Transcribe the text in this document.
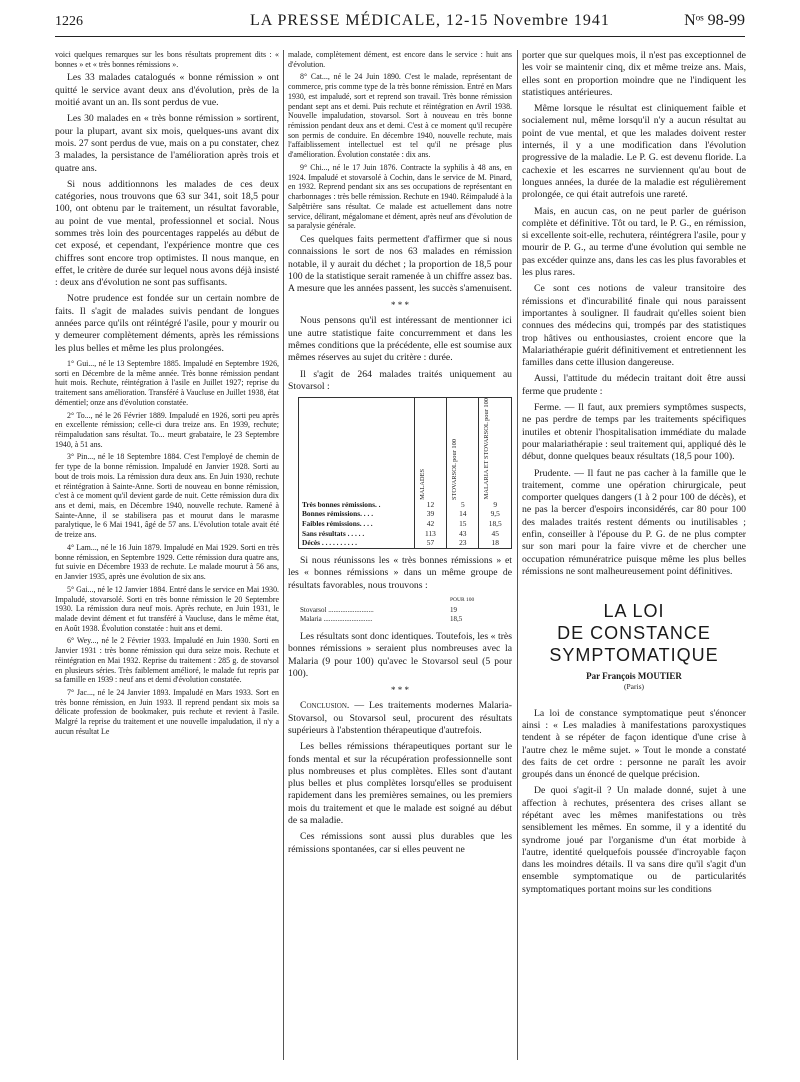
1226	LA PRESSE MÉDICALE, 12-15 Novembre 1941	Nᵒˢ 98-99

voici quelques remarques sur les bons résultats proprement dits : « bonnes » et « très bonnes rémissions ».

Les 33 malades catalogués « bonne rémission » ont quitté le service avant deux ans d'évolution, près de la moitié avant un an. Ils sont perdus de vue.

Les 30 malades en « très bonne rémission » sortirent, pour la plupart, avant six mois, quelques-uns avant dix mois. 27 sont perdus de vue, mais on a pu constater, chez 3 malades, la persistance de l'amélioration après trois et quatre ans.

Si nous additionnons les malades de ces deux catégories, nous trouvons que 63 sur 341, soit 18,5 pour 100, ont obtenu par le traitement, un résultat favorable, au point de vue mental, professionnel et social. Nous sommes très loin des pourcentages rappelés au début de cet exposé, et cependant, l'expérience montre que ces chiffres sont encore trop optimistes. Il nous manque, en effet, le critère de durée sur lequel nous avons déjà insisté : deux ans d'évolution ne sont pas suffisants.

Notre prudence est fondée sur un certain nombre de faits. Il s'agit de malades suivis pendant de longues années parce qu'ils ont réintégré l'asile, pour y mourir ou y demeurer complètement déments, après les rémissions les plus belles et même les plus prolongées.

1° Gui..., né le 13 Septembre 1885. Impaludé en Septembre 1926, sorti en Décembre de la même année. Très bonne rémission pendant huit mois. Rechute, réintégration à l'asile en Juillet 1927; reprise du traitement sans amélioration. Transféré à Vaucluse en Juillet 1938, état démentiel; onze ans d'évolution constatée.

2° To..., né le 26 Février 1889. Impaludé en 1926, sorti peu après en excellente rémission; celle-ci dura treize ans. En 1939, rechute; réimpaludation sans résultat. To... meurt grabataire, le 23 Septembre 1940, à 51 ans.

3° Pin..., né le 18 Septembre 1884. C'est l'employé de chemin de fer type de la bonne rémission. Impaludé en Janvier 1928. Sorti au bout de trois mois. La rémission dura deux ans. En Juin 1930, rechute et réintégration à Sainte-Anne. Sorti de nouveau en bonne rémission, c'est à ce moment qu'il devient garde de nuit. Cette rémission dura dix ans et demi, mais, en Décembre 1940, nouvelle rechute. Ramené à Sainte-Anne, il se stabilisera pas et mourut dans le marasme paralytique, le 6 Mai 1941, âgé de 57 ans. L'évolution totale avait été de treize ans.

4° Lam..., né le 16 Juin 1879. Impaludé en Mai 1929. Sorti en très bonne rémission, en Septembre 1929. Cette rémission dura quatre ans, fut suivie en Décembre 1933 de rechute. Le malade mourut à 56 ans, en Janvier 1935, après une évolution de six ans.

5° Gai..., né le 12 Janvier 1884. Entré dans le service en Mai 1930. Impaludé, stovarsolé. Sorti en très bonne rémission le 20 Septembre 1930. La rémission dura neuf mois. Après rechute, en Juin 1931, le malade devint dément et fut transféré à Vaucluse, dans le même état, en Août 1938. Évolution constatée : huit ans et demi.

6° Wey..., né le 2 Février 1933. Impaludé en Juin 1930. Sorti en Janvier 1931 : très bonne rémission qui dura seize mois. Rechute et réintégration en Mai 1932. Reprise du traitement : 285 g. de stovarsol en plusieurs séries. Très faiblement amélioré, le malade fut repris par sa famille en 1939 : neuf ans et demi d'évolution constatée.

7° Jac..., né le 24 Janvier 1893. Impaludé en Mars 1933. Sort en très bonne rémission, en Juin 1933. Il reprend pendant six mois sa délicate profession de bookmaker, puis rechute et revient à l'asile. Malgré la reprise du traitement et une nouvelle impaludation, il n'y a aucun résultat Le

malade, complètement dément, est encore dans le service : huit ans d'évolution.

8° Cat..., né le 24 Juin 1890. C'est le malade, représentant de commerce, pris comme type de la très bonne rémission. Entré en Mars 1930, est impaludé, sort et reprend son travail. Très bonne rémission pendant sept ans et demi. Puis rechute et réintégration en Avril 1938. Nouvelle impaludation, stovarsol. Sort à nouveau en très bonne rémission pendant deux ans et demi. C'est à ce moment qu'il recupère son permis de conduire. En décembre 1940, nouvelle rechute, mais l'affaiblissement intellectuel est tel qu'il ne présage plus d'amélioration. Évolution constatée : dix ans.

9° Chi..., né le 17 Juin 1876. Contracte la syphilis à 48 ans, en 1924. Impaludé et stovarsolé à Cochin, dans le service de M. Pinard, en 1932. Reprend pendant six ans ses occupations de représentant en charbonnages : très belle rémission. Rechute en 1940. Réimpaludé à la Salpêtrière sans résultat. Ce malade est actuellement dans notre service, délirant, mégalomane et dément, après neuf ans d'évolution de sa paralysie générale.

Ces quelques faits permettent d'affirmer que si nous connaissions le sort de nos 63 malades en rémission notable, il y aurait du déchet ; la proportion de 18,5 pour 100 de la statistique serait ramenée à un chiffre assez bas. A mesure que les années passent, les succès s'amenuisent.

* * *

Nous pensons qu'il est intéressant de mentionner ici une autre statistique faite concurremment et dans les mêmes conditions que la précédente, elle est soumise aux mêmes réserves au sujet du critère : durée.

Il s'agit de 264 malades traités uniquement au Stovarsol :

	MALADES	STOVARSOL pour 100	MALARIA ET STOVARSOL pour 100

Très bonnes rémissions. .	12	5	9
Bonnes rémissions. . . .	39	14	9,5
Faibles rémissions. . . .	42	15	18,5
Sans résultats . . . . .	113	43	45
Décès . . . . . . . . . .	57	23	18

Si nous réunissons les « très bonnes rémissions » et les « bonnes rémissions » dans un même groupe de résultats favorables, nous trouvons :

POUR 100
Stovarsol ..........................	19
Malaria ............................	18,5

Les résultats sont donc identiques. Toutefois, les « très bonnes rémissions » seraient plus nombreuses avec la Malaria (9 pour 100) qu'avec le Stovarsol seul (5 pour 100).

* * *

Conclusion. — Les traitements modernes Malaria-Stovarsol, ou Stovarsol seul, procurent des résultats supérieurs à l'abstention thérapeutique d'autrefois.

Les belles rémissions thérapeutiques portant sur le fonds mental et sur la récupération professionnelle sont plus nombreuses et plus complètes. Elles sont d'autant plus belles et plus complètes lorsqu'elles se produisent rapidement dans les premières semaines, ou les premiers mois du traitement et que le malade est soigné au début de sa maladie.

Ces rémissions sont aussi plus durables que les rémissions spontanées, car si elles peuvent ne

porter que sur quelques mois, il n'est pas exceptionnel de les voir se maintenir cinq, dix et même treize ans. Mais, elles sont en proportion moindre que ne l'indiquent les statistiques antérieures.

Même lorsque le résultat est cliniquement faible et socialement nul, même lorsqu'il n'y a aucun résultat au point de vue mental, et que les malades doivent rester internés, il y a une modification dans l'évolution progressive de la maladie. Le P. G. est devenu floride. La cachexie et les escarres ne surviennent qu'au bout de longues années, la durée de la maladie est régulièrement prolongée, ce qui était autrefois une rareté.

Mais, en aucun cas, on ne peut parler de guérison complète et définitive. Tôt ou tard, le P. G., en rémission, si excellente soit-elle, rechutera, réintégrera l'asile, pour y mourir de P. G., au terme d'une évolution qui semble ne pas excéder quinze ans, dans les cas les plus favorables et les plus rares.

Ce sont ces notions de valeur transitoire des rémissions et d'incurabilité finale qui nous paraissent importantes à souligner. Il faudrait qu'elles soient bien connues des médecins qui, trompés par des statistiques trop hâtives ou enthousiastes, croient encore que la Malariathérapie guérit définitivement et entretiennent les familles dans cette illusion dangereuse.

Aussi, l'attitude du médecin traitant doit être aussi ferme que prudente :

Ferme. — Il faut, aux premiers symptômes suspects, ne pas perdre de temps par les traitements spécifiques inutiles et obtenir l'hospitalisation immédiate du malade pour malariathérapie : seul traitement qui, appliqué dès le début, donne quelques beaux résultats (18,5 pour 100).

Prudente. — Il faut ne pas cacher à la famille que le traitement, comme une opération chirurgicale, peut comporter quelques dangers (1 à 2 pour 100 de décès), et ne pas la bercer d'espoirs inconsidérés, car 80 pour 100 des malades traités restent déments ou inutilisables ; enfin, conseiller à l'épouse du P. G. de ne plus compter sur son mari pour la faire vivre et de chercher une occupation rémunératrice puisque même les plus belles rémissions ne sont malheureusement point définitives.

LA LOI
DE CONSTANCE
SYMPTOMATIQUE
Par François MOUTIER
(Paris)

La loi de constance symptomatique peut s'énoncer ainsi : « Les maladies à manifestations paroxystiques tendent à se répéter de façon identique d'une crise à l'autre chez le même sujet. » Tout le monde a constaté des faits de cet ordre : personne ne paraît les avoir groupés dans un énoncé de quelque précision.

De quoi s'agit-il ? Un malade donné, sujet à une affection à rechutes, présentera des crises allant se répétant avec les mêmes manifestations ou très sensiblement les mêmes. En somme, il y a identité du syndrome joué par l'organisme d'un état morbide à l'autre, identité quelquefois poussée d'incroyable façon dans les moindres détails. Il va sans dire qu'il s'agit d'un ensemble symptomatique ou de particularités symptomatiques portant moins sur les conditions
